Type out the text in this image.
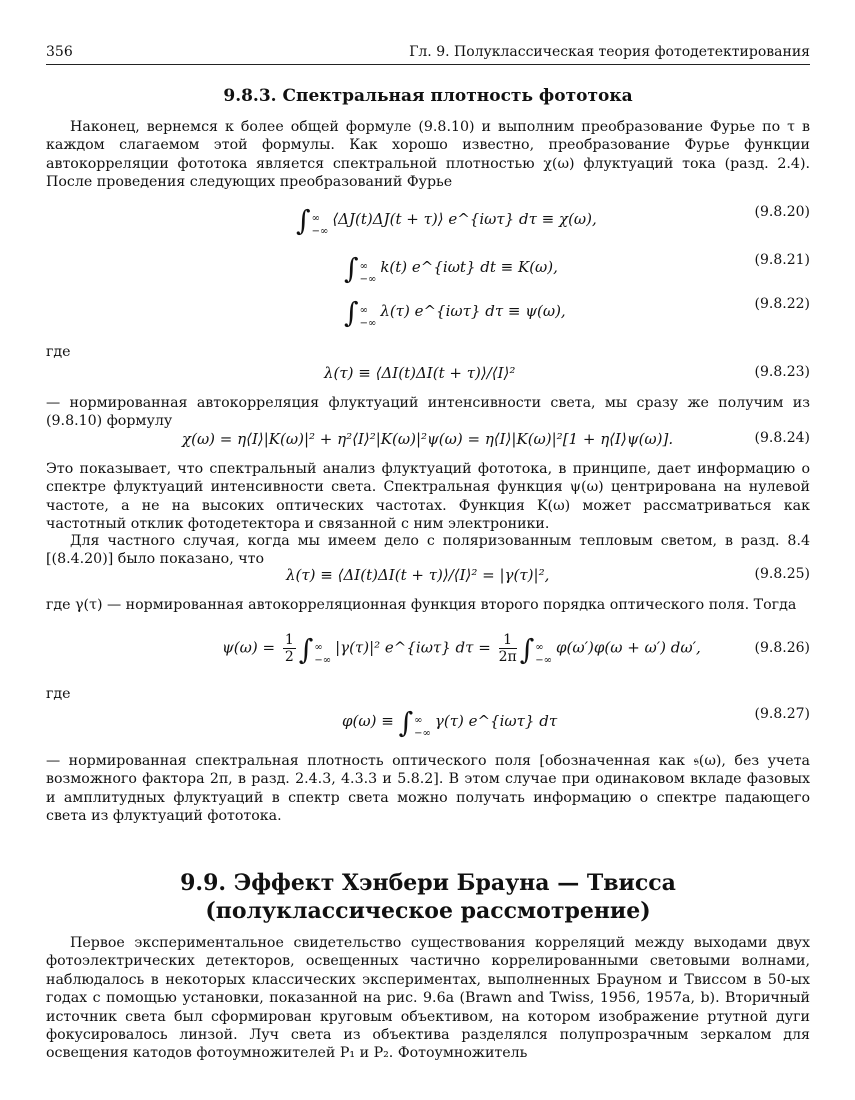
356	Гл. 9. Полуклассическая теория фотодетектирования
9.8.3. Спектральная плотность фототока

Наконец, вернемся к более общей формуле (9.8.10) и выполним преобразование Фурье по τ в каждом слагаемом этой формулы. Как хорошо известно, преобразование Фурье функции автокорреляции фототока является спектральной плотностью χ(ω) флуктуаций тока (разд. 2.4). После проведения следующих преобразований Фурье

∫ ∞
−∞
⟨ΔJ(t)ΔJ(t + τ)⟩ e^{iωτ} dτ ≡ χ(ω),	(9.8.20)
∫ ∞
−∞
k(t) e^{iωt} dt ≡ K(ω),	(9.8.21)
∫ ∞
−∞
λ(τ) e^{iωτ} dτ ≡ ψ(ω),	(9.8.22)
где
λ(τ) ≡ ⟨ΔI(t)ΔI(t + τ)⟩/⟨I⟩²	(9.8.23)

— нормированная автокорреляция флуктуаций интенсивности света, мы сразу же получим из (9.8.10) формулу

χ(ω) = η⟨I⟩|K(ω)|² + η²⟨I⟩²|K(ω)|²ψ(ω) = η⟨I⟩|K(ω)|²[1 + η⟨I⟩ψ(ω)].	(9.8.24)

Это показывает, что спектральный анализ флуктуаций фототока, в принципе, дает информацию о спектре флуктуаций интенсивности света. Спектральная функция ψ(ω) центрирована на нулевой частоте, а не на высоких оптических частотах. Функция K(ω) может рассматриваться как частотный отклик фотодетектора и связанной с ним электроники.

Для частного случая, когда мы имеем дело с поляризованным тепловым светом, в разд. 8.4 [(8.4.20)] было показано, что

λ(τ) ≡ ⟨ΔI(t)ΔI(t + τ)⟩/⟨I⟩² = |γ(τ)|²,	(9.8.25)

где γ(τ) — нормированная автокорреляционная функция второго порядка оптического поля. Тогда

$\psi(\omega) = \frac{1}{2}$ ∫ ∞
−∞
|γ(τ)|² e^{iωτ} $d\tau = \frac{1}{2\pi}$ ∫ ∞
−∞
φ(ω′)φ(ω + ω′) dω′,	(9.8.26)
где
φ(ω) ≡ ∫ ∞
−∞
γ(τ) e^{iωτ} dτ	(9.8.27)

— нормированная спектральная плотность оптического поля [обозначенная как 𝔰(ω), без учета возможного фактора 2π, в разд. 2.4.3, 4.3.3 и 5.8.2]. В этом случае при одинаковом вкладе фазовых и амплитудных флуктуаций в спектр света можно получать информацию о спектре падающего света из флуктуаций фототока.

9.9. Эффект Хэнбери Брауна — Твисса
(полуклассическое рассмотрение)

Первое экспериментальное свидетельство существования корреляций между выходами двух фотоэлектрических детекторов, освещенных частично коррелированными световыми волнами, наблюдалось в некоторых классических экспериментах, выполненных Брауном и Твиссом в 50-ых годах с помощью установки, показанной на рис. 9.6а (Brawn and Twiss, 1956, 1957a, b). Вторичный источник света был сформирован круговым объективом, на котором изображение ртутной дуги фокусировалось линзой. Луч света из объектива разделялся полупрозрачным зеркалом для освещения катодов фотоумножителей P₁ и P₂. Фотоумножитель
